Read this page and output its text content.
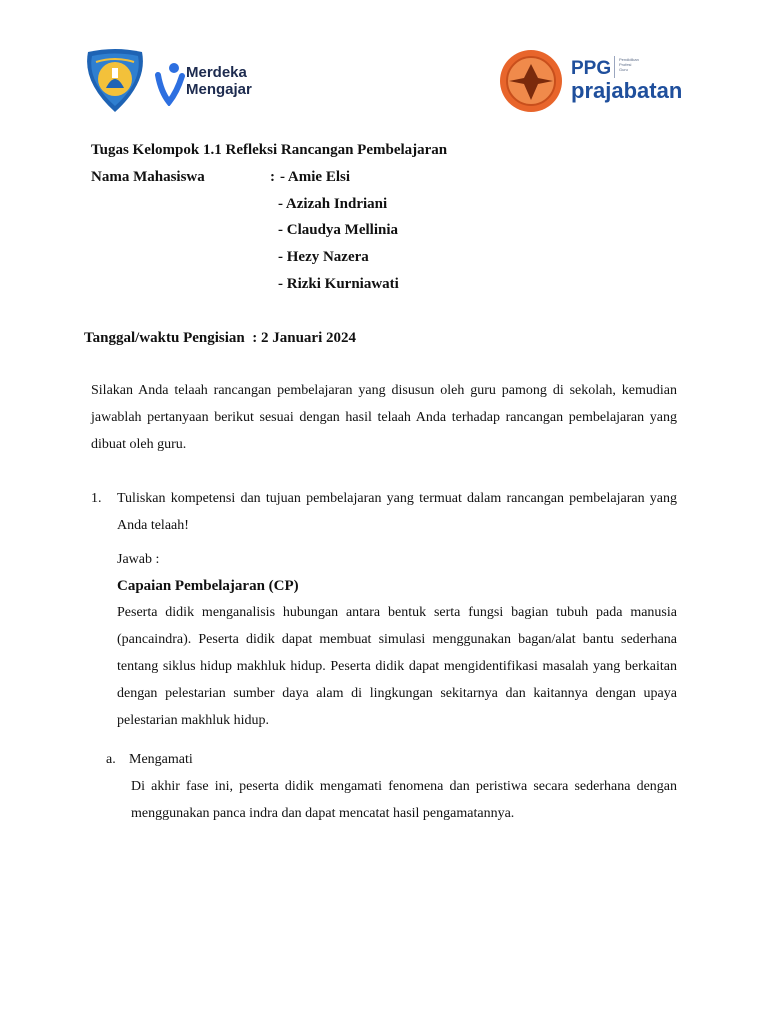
Merdeka
Mengajar
PPG Pendidikan
Profesi
Guru
prajabatan
Tugas Kelompok 1.1 Refleksi Rancangan Pembelajaran
Nama Mahasiswa	: - Amie Elsi
- Azizah Indriani
- Claudya Mellinia
- Hezy Nazera
- Rizki Kurniawati
Tanggal/waktu Pengisian  : 2 Januari 2024
Silakan Anda telaah rancangan pembelajaran yang disusun oleh guru pamong di sekolah, kemudian jawablah pertanyaan berikut sesuai dengan hasil telaah Anda terhadap rancangan pembelajaran yang dibuat oleh guru.
1. Tuliskan kompetensi dan tujuan pembelajaran yang termuat dalam rancangan pembelajaran yang Anda telaah!
Jawab :
Capaian Pembelajaran (CP)
Peserta didik menganalisis hubungan antara bentuk serta fungsi bagian tubuh pada manusia (pancaindra). Peserta didik dapat membuat simulasi menggunakan bagan/alat bantu sederhana tentang siklus hidup makhluk hidup. Peserta didik dapat mengidentifikasi masalah yang berkaitan dengan pelestarian sumber daya alam di lingkungan sekitarnya dan kaitannya dengan upaya pelestarian makhluk hidup.
a. Mengamati
Di akhir fase ini, peserta didik mengamati fenomena dan peristiwa secara sederhana dengan menggunakan panca indra dan dapat mencatat hasil pengamatannya.
